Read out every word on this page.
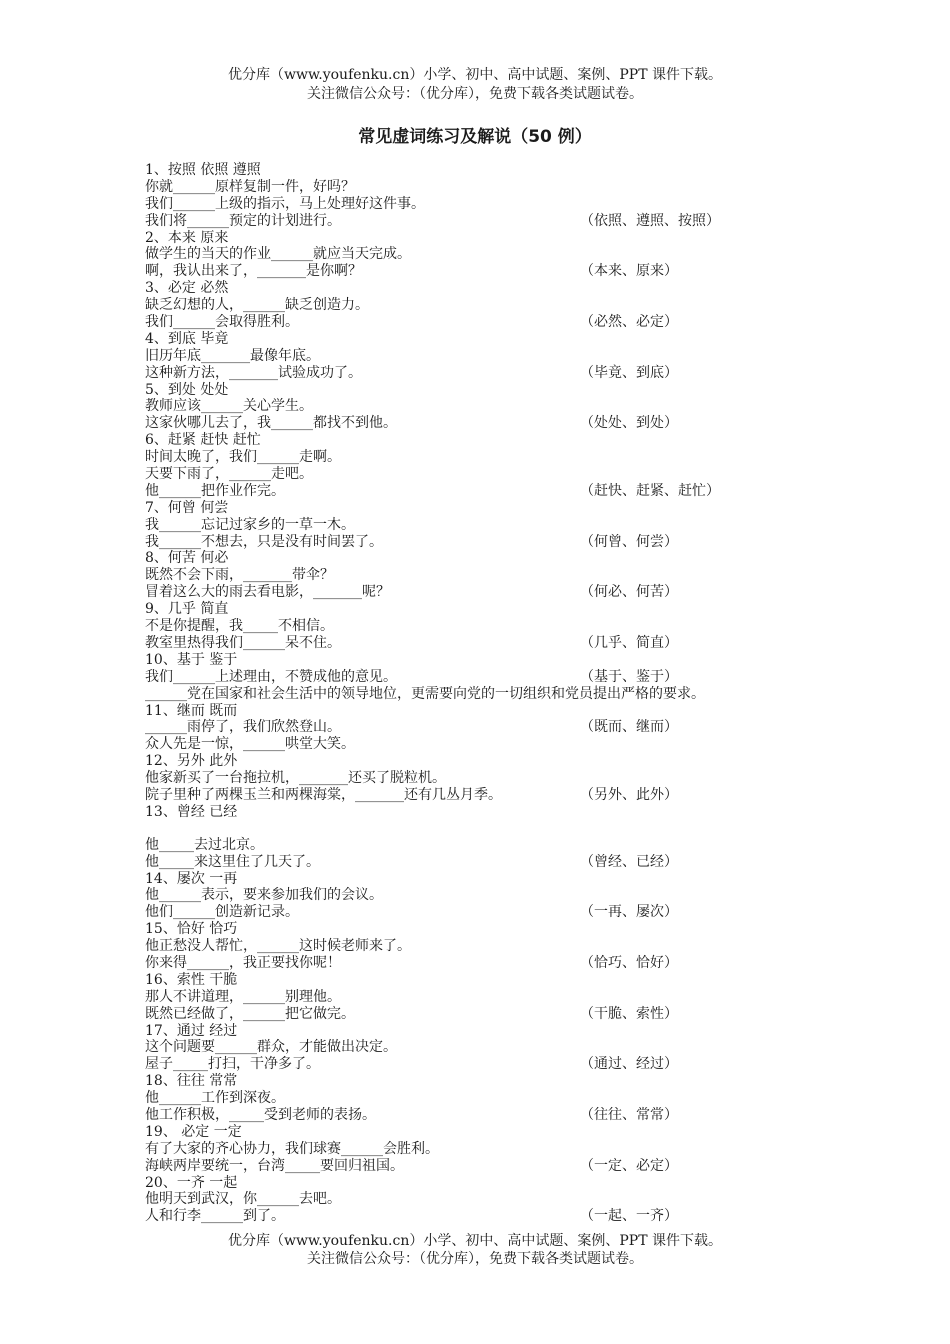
优分库（www.youfenku.cn）小学、初中、高中试题、案例、PPT 课件下载。
关注微信公众号：（优分库），免费下载各类试题试卷。
常见虚词练习及解说（50 例）
1、按照 依照 遵照
你就______原样复制一件，好吗？
我们______上级的指示，马上处理好这件事。
我们将______预定的计划进行。	（依照、遵照、按照）
2、本来 原来
做学生的当天的作业______就应当天完成。
啊，我认出来了，_______是你啊？	（本来、原来）
3、必定 必然
缺乏幻想的人，______缺乏创造力。
我们______会取得胜利。	（必然、必定）
4、到底 毕竟
旧历年底_______最像年底。
这种新方法，_______试验成功了。	（毕竟、到底）
5、到处 处处
教师应该______关心学生。
这家伙哪儿去了，我______都找不到他。	（处处、到处）
6、赶紧 赶快 赶忙
时间太晚了，我们______走啊。
天要下雨了，______走吧。
他______把作业作完。	（赶快、赶紧、赶忙）
7、何曾 何尝
我______忘记过家乡的一草一木。
我______不想去，只是没有时间罢了。	（何曾、何尝）
8、何苦 何必
既然不会下雨，_______带伞？
冒着这么大的雨去看电影，_______呢？	（何必、何苦）
9、几乎 简直
不是你提醒，我_____不相信。
教室里热得我们______呆不住。	（几乎、简直）
10、基于 鉴于
我们______上述理由，不赞成他的意见。	（基于、鉴于）
______党在国家和社会生活中的领导地位，更需要向党的一切组织和党员提出严格的要求。
11、继而 既而
______雨停了，我们欣然登山。	（既而、继而）
众人先是一惊，______哄堂大笑。
12、另外 此外
他家新买了一台拖拉机，_______还买了脱粒机。
院子里种了两棵玉兰和两棵海棠，_______还有几丛月季。	（另外、此外）
13、曾经 已经
他_____去过北京。
他_____来这里住了几天了。	（曾经、已经）
14、屡次 一再
他______表示，要来参加我们的会议。
他们______创造新记录。	（一再、屡次）
15、恰好 恰巧
他正愁没人帮忙，______这时候老师来了。
你来得______，我正要找你呢！	（恰巧、恰好）
16、索性 干脆
那人不讲道理，______别理他。
既然已经做了，______把它做完。	（干脆、索性）
17、通过 经过
这个问题要______群众，才能做出决定。
屋子_____打扫，干净多了。	（通过、经过）
18、往往 常常
他______工作到深夜。
他工作积极，_____受到老师的表扬。	（往往、常常）
19、 必定 一定
有了大家的齐心协力，我们球赛______会胜利。
海峡两岸要统一，台湾_____要回归祖国。	（一定、必定）
20、一齐 一起
他明天到武汉，你______去吧。
人和行李______到了。	（一起、一齐）
优分库（www.youfenku.cn）小学、初中、高中试题、案例、PPT 课件下载。
关注微信公众号：（优分库），免费下载各类试题试卷。
